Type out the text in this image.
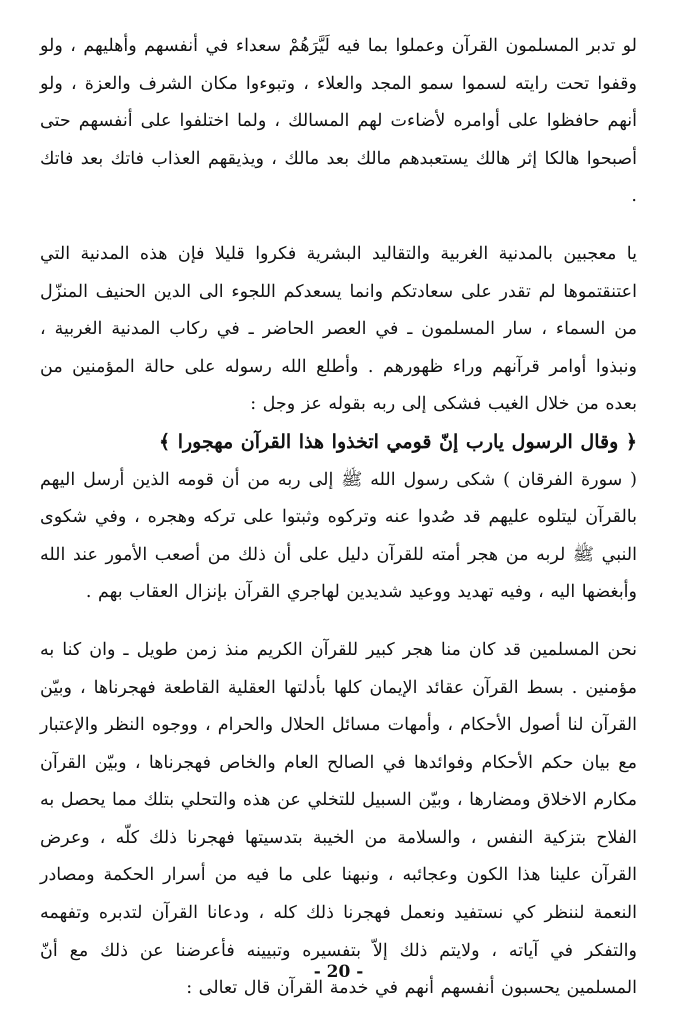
لو تدبر المسلمون القرآن وعملوا بما فيه لَيَّرَهُمْ سعداء في أنفسهم وأهليهم ، ولو وقفوا تحت رايته لسموا سمو المجد والعلاء ، وتبوءوا مكان الشرف والعزة ، ولو أنهم حافظوا على أوامره لأضاءت لهم المسالك ، ولما اختلفوا على أنفسهم حتى أصبحوا هالكا إثر هالك يستعبدهم مالك بعد مالك ، ويذيقهم العذاب فاتك بعد فاتك .

يا معجبين بالمدنية الغربية والتقاليد البشرية فكروا قليلا فإن هذه المدنية التي اعتنقتموها لم تقدر على سعادتكم وانما يسعدكم اللجوء الى الدين الحنيف المنزّل من السماء ، سار المسلمون ـ في العصر الحاضر ـ في ركاب المدنية الغربية ، ونبذوا أوامر قرآنهم وراء ظهورهم . وأطلع الله رسوله على حالة المؤمنين من بعده من خلال الغيب فشكى إلى ربه بقوله عز وجل :
﴿ وقال الرسول يارب إنّ قومي اتخذوا هذا القرآن مهجورا ﴾
( سورة الفرقان ) شكى رسول الله ﷺ إلى ربه من أن قومه الذين أرسل اليهم بالقرآن ليتلوه عليهم قد صُدوا عنه وتركوه وثبتوا على تركه وهجره ، وفي شكوى النبي ﷺ لربه من هجر أمته للقرآن دليل على أن ذلك من أصعب الأمور عند الله وأبغضها اليه ، وفيه تهديد ووعيد شديدين لهاجري القرآن بإنزال العقاب بهم .

نحن المسلمين قد كان منا هجر كبير للقرآن الكريم منذ زمن طويل ـ وان كنا به مؤمنين . بسط القرآن عقائد الإيمان كلها بأدلتها العقلية القاطعة فهجرناها ، وبيّن القرآن لنا أصول الأحكام ، وأمهات مسائل الحلال والحرام ، ووجوه النظر والإعتبار مع بيان حكم الأحكام وفوائدها في الصالح العام والخاص فهجرناها ، وبيّن القرآن مكارم الاخلاق ومضارها ، وبيّن السبيل للتخلي عن هذه والتحلي بتلك مما يحصل به الفلاح بتزكية النفس ، والسلامة من الخيبة بتدسيتها فهجرنا ذلك كلّه ، وعرض القرآن علينا هذا الكون وعجائبه ، ونبهنا على ما فيه من أسرار الحكمة ومصادر النعمة لننظر كي نستفيد ونعمل فهجرنا ذلك كله ، ودعانا القرآن لتدبره وتفهمه والتفكر في آياته ، ولايتم ذلك إلاّ بتفسيره وتبيينه فأعرضنا عن ذلك مع أنّ المسلمين يحسبون أنفسهم أنهم في خدمة القرآن قال تعالى :

- 20 -
